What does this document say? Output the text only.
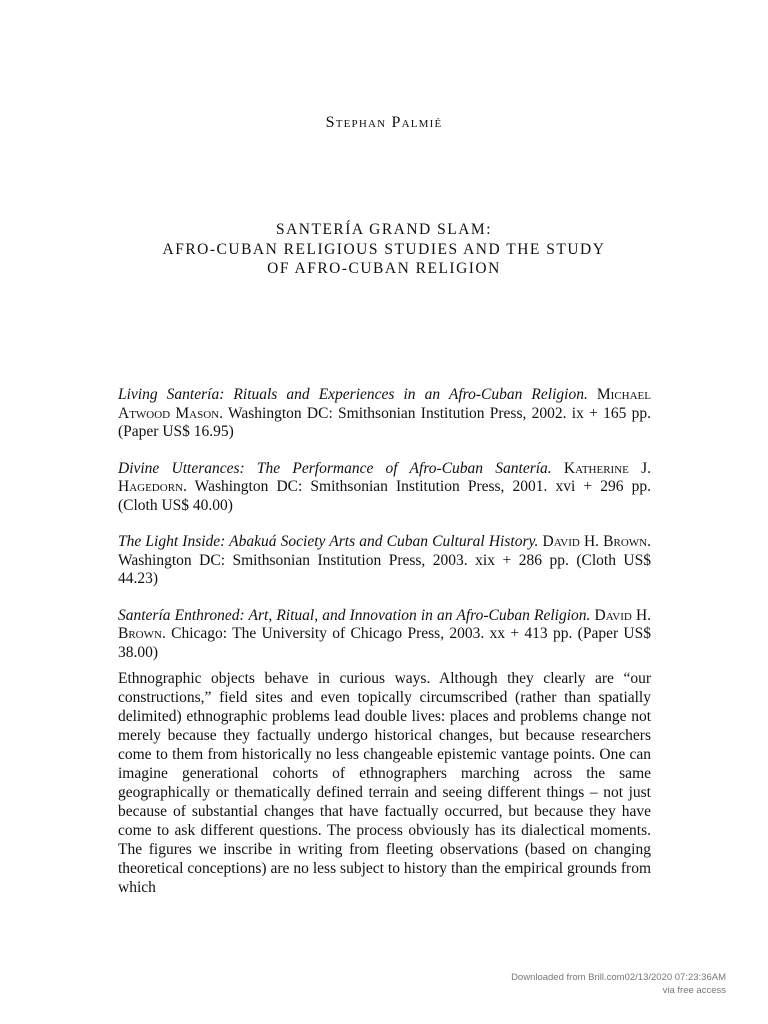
Stephan Palmié
SANTERÍA GRAND SLAM:
AFRO-CUBAN RELIGIOUS STUDIES AND THE STUDY
OF AFRO-CUBAN RELIGION

Living Santería: Rituals and Experiences in an Afro-Cuban Religion. Michael Atwood Mason. Washington DC: Smithsonian Institution Press, 2002. ix + 165 pp. (Paper US$ 16.95)

Divine Utterances: The Performance of Afro-Cuban Santería. Katherine J. Hagedorn. Washington DC: Smithsonian Institution Press, 2001. xvi + 296 pp. (Cloth US$ 40.00)

The Light Inside: Abakuá Society Arts and Cuban Cultural History. David H. Brown. Washington DC: Smithsonian Institution Press, 2003. xix + 286 pp. (Cloth US$ 44.23)

Santería Enthroned: Art, Ritual, and Innovation in an Afro-Cuban Religion. David H. Brown. Chicago: The University of Chicago Press, 2003. xx + 413 pp. (Paper US$ 38.00)

Ethnographic objects behave in curious ways. Although they clearly are “our constructions,” field sites and even topically circumscribed (rather than spatially delimited) ethnographic problems lead double lives: places and problems change not merely because they factually undergo historical changes, but because researchers come to them from historically no less changeable epistemic vantage points. One can imagine generational cohorts of ethnographers marching across the same geographically or thematically defined terrain and seeing different things – not just because of substantial changes that have factually occurred, but because they have come to ask different questions. The process obviously has its dialectical moments. The figures we inscribe in writing from fleeting observations (based on changing theoretical conceptions) are no less subject to history than the empirical grounds from which
Downloaded from Brill.com02/13/2020 07:23:36AM
via free access
